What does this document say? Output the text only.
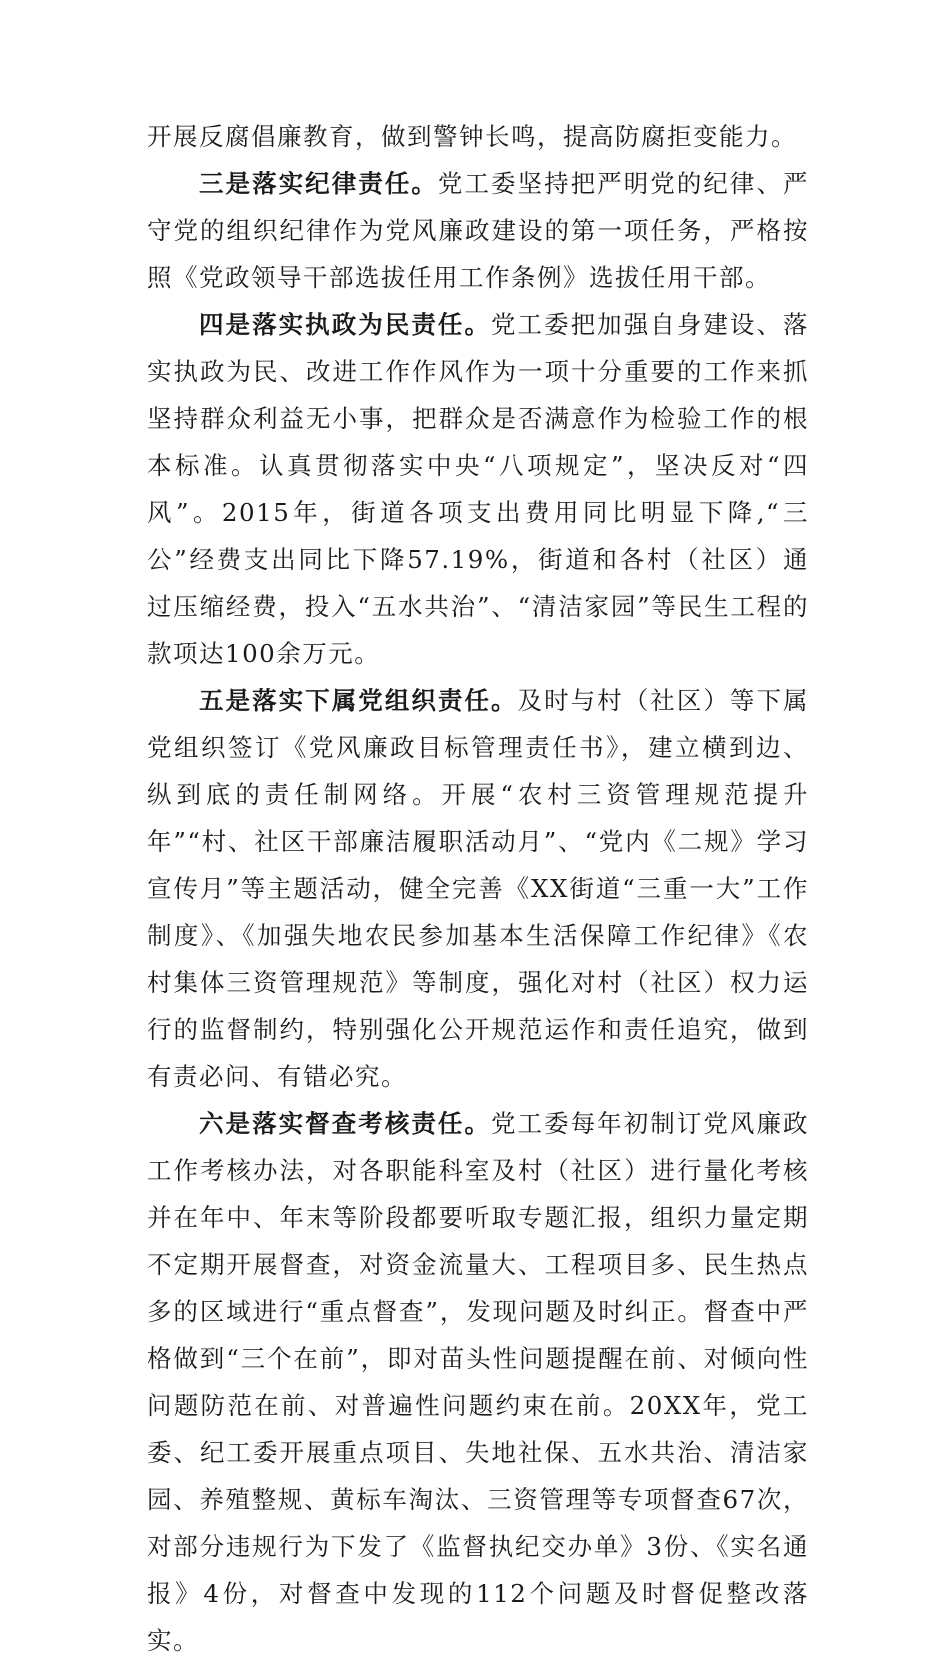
开展反腐倡廉教育，做到警钟长鸣，提高防腐拒变能力。

三是落实纪律责任。党工委坚持把严明党的纪律、严守党的组织纪律作为党风廉政建设的第一项任务，严格按照《党政领导干部选拔任用工作条例》选拔任用干部。

四是落实执政为民责任。党工委把加强自身建设、落实执政为民、改进工作作风作为一项十分重要的工作来抓坚持群众利益无小事，把群众是否满意作为检验工作的根本标准。认真贯彻落实中央“八项规定”，坚决反对“四风”。2015年，街道各项支出费用同比明显下降,“三公”经费支出同比下降57.19%，街道和各村（社区）通过压缩经费，投入“五水共治”、“清洁家园”等民生工程的款项达100余万元。

五是落实下属党组织责任。及时与村（社区）等下属党组织签订《党风廉政目标管理责任书》，建立横到边、纵到底的责任制网络。开展“农村三资管理规范提升年”“村、社区干部廉洁履职活动月”、“党内《二规》学习宣传月”等主题活动，健全完善《XX街道“三重一大”工作制度》、《加强失地农民参加基本生活保障工作纪律》《农村集体三资管理规范》等制度，强化对村（社区）权力运行的监督制约，特别强化公开规范运作和责任追究，做到有责必问、有错必究。

六是落实督查考核责任。党工委每年初制订党风廉政工作考核办法，对各职能科室及村（社区）进行量化考核并在年中、年末等阶段都要听取专题汇报，组织力量定期不定期开展督查，对资金流量大、工程项目多、民生热点多的区域进行“重点督查”，发现问题及时纠正。督查中严格做到“三个在前”，即对苗头性问题提醒在前、对倾向性问题防范在前、对普遍性问题约束在前。20XX年，党工委、纪工委开展重点项目、失地社保、五水共治、清洁家园、养殖整规、黄标车淘汰、三资管理等专项督查67次，对部分违规行为下发了《监督执纪交办单》3份、《实名通报》4份，对督查中发现的112个问题及时督促整改落实。
